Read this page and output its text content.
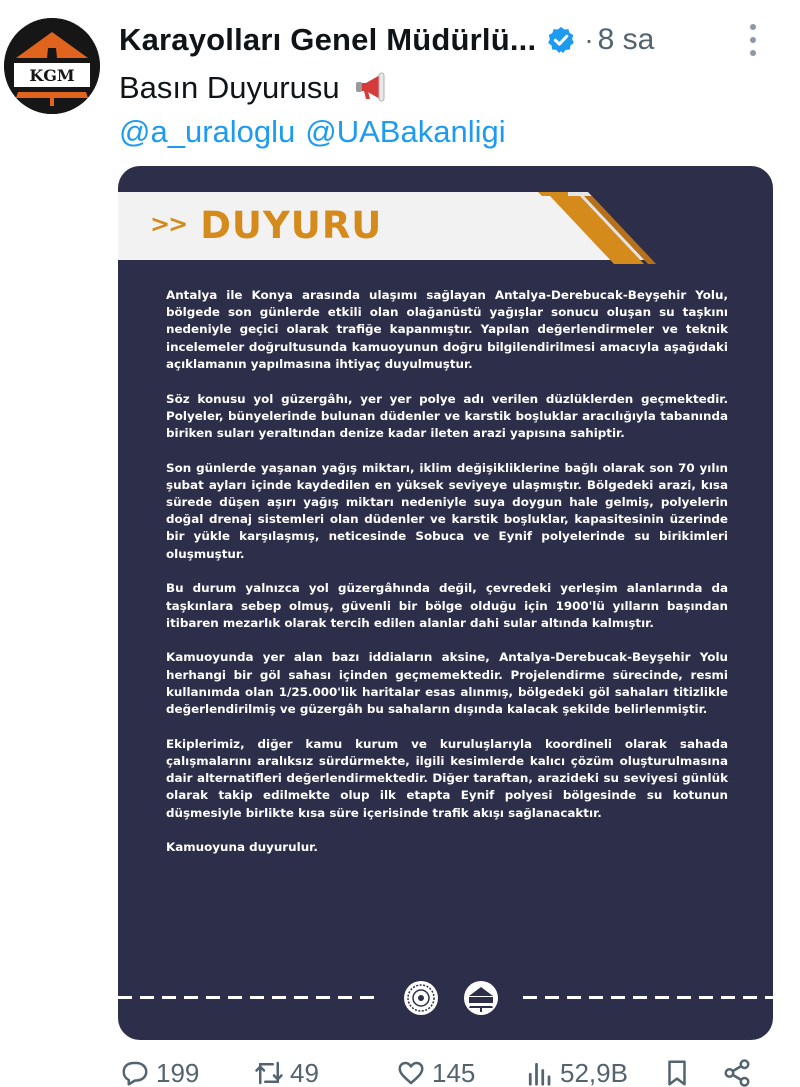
KGM
Karayolları Genel Müdürlü... · 8 sa
Basın Duyurusu
@a_uraloglu @UABakanligi
>> DUYURU

Antalya ile Konya arasında ulaşımı sağlayan Antalya-Derebucak-Beyşehir Yolu, bölgede son günlerde etkili olan olağanüstü yağışlar sonucu oluşan su taşkını nedeniyle geçici olarak trafiğe kapanmıştır. Yapılan değerlendirmeler ve teknik incelemeler doğrultusunda kamuoyunun doğru bilgilendirilmesi amacıyla aşağıdaki açıklamanın yapılmasına ihtiyaç duyulmuştur.

Söz konusu yol güzergâhı, yer yer polye adı verilen düzlüklerden geçmektedir. Polyeler, bünyelerinde bulunan düdenler ve karstik boşluklar aracılığıyla tabanında biriken suları yeraltından denize kadar ileten arazi yapısına sahiptir.

Son günlerde yaşanan yağış miktarı, iklim değişikliklerine bağlı olarak son 70 yılın şubat ayları içinde kaydedilen en yüksek seviyeye ulaşmıştır. Bölgedeki arazi, kısa sürede düşen aşırı yağış miktarı nedeniyle suya doygun hale gelmiş, polyelerin doğal drenaj sistemleri olan düdenler ve karstik boşluklar, kapasitesinin üzerinde bir yükle karşılaşmış, neticesinde Sobuca ve Eynif polyelerinde su birikimleri oluşmuştur.

Bu durum yalnızca yol güzergâhında değil, çevredeki yerleşim alanlarında da taşkınlara sebep olmuş, güvenli bir bölge olduğu için 1900'lü yılların başından itibaren mezarlık olarak tercih edilen alanlar dahi sular altında kalmıştır.

Kamuoyunda yer alan bazı iddiaların aksine, Antalya-Derebucak-Beyşehir Yolu herhangi bir göl sahası içinden geçmemektedir. Projelendirme sürecinde, resmi kullanımda olan 1/25.000'lik haritalar esas alınmış, bölgedeki göl sahaları titizlikle değerlendirilmiş ve güzergâh bu sahaların dışında kalacak şekilde belirlenmiştir.

Ekiplerimiz, diğer kamu kurum ve kuruluşlarıyla koordineli olarak sahada çalışmalarını aralıksız sürdürmekte, ilgili kesimlerde kalıcı çözüm oluşturulmasına dair alternatifleri değerlendirmektedir. Diğer taraftan, arazideki su seviyesi günlük olarak takip edilmekte olup ilk etapta Eynif polyesi bölgesinde su kotunun düşmesiyle birlikte kısa süre içerisinde trafik akışı sağlanacaktır.

Kamuoyuna duyurulur.

199	49	145	52,9B
